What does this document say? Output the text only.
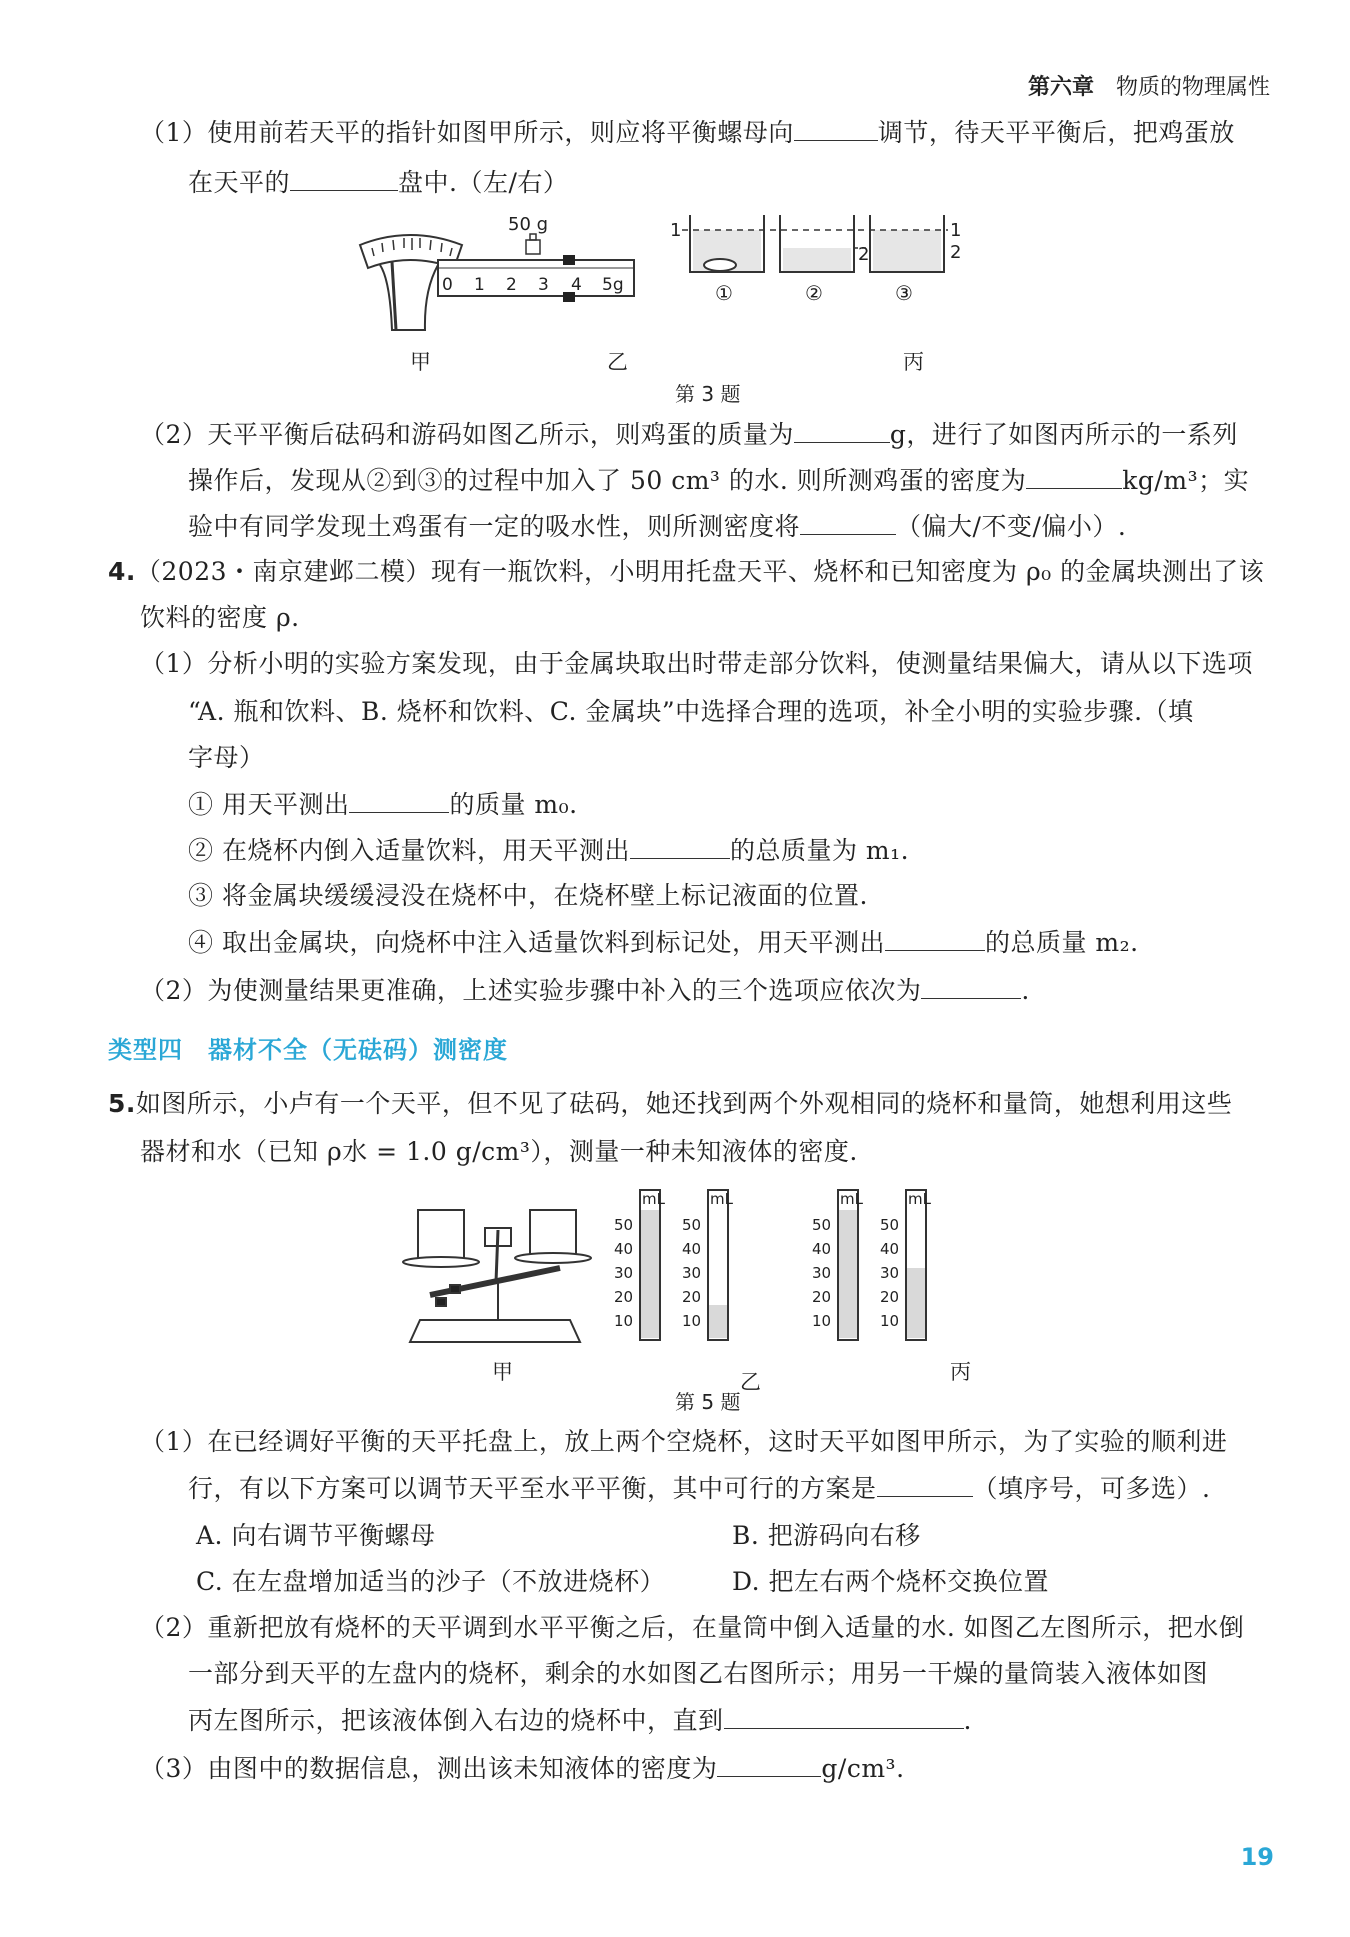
第六章 物质的物理属性
（1）使用前若天平的指针如图甲所示，则应将平衡螺母向	调节，待天平平衡后，把鸡蛋放
在天平的	盘中.（左/右）
50 g
0 1 2 3 4 5g
1
2
1
2
①	②	③
甲	乙	丙
第 3 题
（2）天平平衡后砝码和游码如图乙所示，则鸡蛋的质量为	g，进行了如图丙所示的一系列
操作后，发现从②到③的过程中加入了 50 cm³ 的水. 则所测鸡蛋的密度为	kg/m³；实
验中有同学发现土鸡蛋有一定的吸水性，则所测密度将	（偏大/不变/偏小）.
4.（2023・南京建邺二模）现有一瓶饮料，小明用托盘天平、烧杯和已知密度为 ρ₀ 的金属块测出了该
饮料的密度 ρ.
（1）分析小明的实验方案发现，由于金属块取出时带走部分饮料，使测量结果偏大，请从以下选项
“A. 瓶和饮料、B. 烧杯和饮料、C. 金属块”中选择合理的选项，补全小明的实验步骤.（填
字母）
① 用天平测出	的质量 m₀.
② 在烧杯内倒入适量饮料，用天平测出	的总质量为 m₁.
③ 将金属块缓缓浸没在烧杯中，在烧杯壁上标记液面的位置.
④ 取出金属块，向烧杯中注入适量饮料到标记处，用天平测出	的总质量 m₂.
（2）为使测量结果更准确，上述实验步骤中补入的三个选项应依次为	.
类型四　器材不全（无砝码）测密度
5.如图所示，小卢有一个天平，但不见了砝码，她还找到两个外观相同的烧杯和量筒，她想利用这些
器材和水（已知 ρ水 = 1.0 g/cm³），测量一种未知液体的密度.
mL	mL	mL	mL
50
40
30
20
10
50
40
30
20
10
50
40
30
20
10
50
40
30
20
10
甲	乙	丙
第 5 题
（1）在已经调好平衡的天平托盘上，放上两个空烧杯，这时天平如图甲所示，为了实验的顺利进
行，有以下方案可以调节天平至水平平衡，其中可行的方案是	（填序号，可多选）.
A. 向右调节平衡螺母	B. 把游码向右移
C. 在左盘增加适当的沙子（不放进烧杯）	D. 把左右两个烧杯交换位置
（2）重新把放有烧杯的天平调到水平平衡之后，在量筒中倒入适量的水. 如图乙左图所示，把水倒
一部分到天平的左盘内的烧杯，剩余的水如图乙右图所示；用另一干燥的量筒装入液体如图
丙左图所示，把该液体倒入右边的烧杯中，直到	.
（3）由图中的数据信息，测出该未知液体的密度为	g/cm³.
19
